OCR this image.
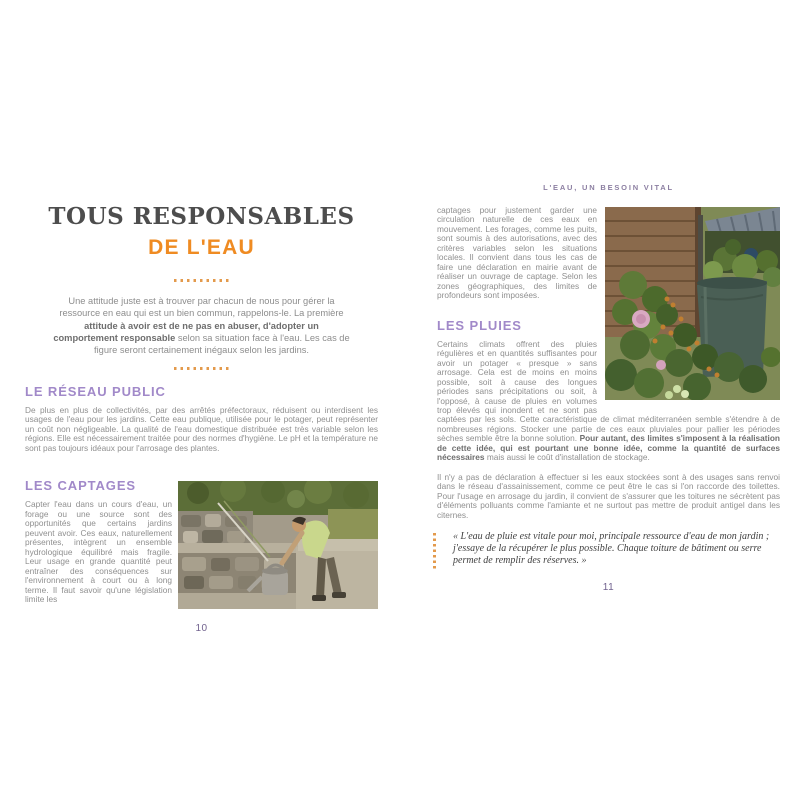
TOUS RESPONSABLES
DE L'EAU

Une attitude juste est à trouver par chacun de nous pour gérer la ressource en eau qui est un bien commun, rappelons-le. La première attitude à avoir est de ne pas en abuser, d'adopter un comportement responsable selon sa situation face à l'eau. Les cas de figure seront certainement inégaux selon les jardins.

LE RÉSEAU PUBLIC

De plus en plus de collectivités, par des arrêtés préfectoraux, réduisent ou interdisent les usages de l'eau pour les jardins. Cette eau publique, utilisée pour le potager, peut représenter un coût non négligeable. La qualité de l'eau domestique distribuée est très variable selon les régions. Elle est nécessairement traitée pour des normes d'hygiène. Le pH et la température ne sont pas toujours idéaux pour l'arrosage des plantes.

LES CAPTAGES

Capter l'eau dans un cours d'eau, un forage ou une source sont des opportunités que certains jardins peuvent avoir. Ces eaux, naturellement présentes, intègrent un ensemble hydrologique équilibré mais fragile. Leur usage en grande quantité peut entraîner des conséquences sur l'environnement à court ou à long terme. Il faut savoir qu'une législation limite les

10
L'EAU, UN BESOIN VITAL

captages pour justement garder une circulation naturelle de ces eaux en mouvement. Les forages, comme les puits, sont soumis à des autorisations, avec des critères variables selon les situations locales. Il convient dans tous les cas de faire une déclaration en mairie avant de réaliser un ouvrage de captage. Selon les zones géographiques, des limites de profondeurs sont imposées.

LES PLUIES

Certains climats offrent des pluies régulières et en quantités suffisantes pour avoir un potager « presque » sans arrosage. Cela est de moins en moins possible, soit à cause des longues périodes sans précipitations ou soit, à l'opposé, à cause de pluies en volumes trop élevés qui inondent et ne sont pas captées par les sols. Cette caractéristique de climat méditerranéen semble s'étendre à de nombreuses régions. Stocker une partie de ces eaux pluviales pour pallier les périodes sèches semble être la bonne solution. Pour autant, des limites s'imposent à la réalisation de cette idée, qui est pourtant une bonne idée, comme la quantité de surfaces nécessaires mais aussi le coût d'installation de stockage.

Il n'y a pas de déclaration à effectuer si les eaux stockées sont à des usages sans renvoi dans le réseau d'assainissement, comme ce peut être le cas si l'on raccorde des toilettes. Pour l'usage en arrosage du jardin, il convient de s'assurer que les toitures ne sécrètent pas d'éléments polluants comme l'amiante et ne surtout pas mettre de produit antigel dans les citernes.

« L'eau de pluie est vitale pour moi, principale ressource d'eau de mon jardin ; j'essaye de la récupérer le plus possible. Chaque toiture de bâtiment ou serre permet de remplir des réserves. »
11
